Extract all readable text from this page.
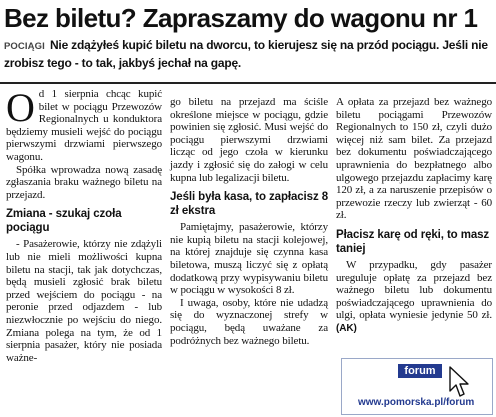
Bez biletu? Zapraszamy do wagonu nr 1

POCIĄGI Nie zdążyłeś kupić biletu na dworcu, to kierujesz się na przód pociągu. Jeśli nie zrobisz tego - to tak, jakbyś jechał na gapę.

Od 1 sierpnia chcąc kupić bilet w pociągu Przewozów Regionalnych u konduktora będziemy musieli wejść do pociągu pierwszymi drzwiami pierwszego wagonu.

Spółka wprowadza nową zasadę zgłaszania braku ważnego biletu na przejazd.

Zmiana - szukaj czoła pociągu

- Pasażerowie, którzy nie zdążyli lub nie mieli możliwości kupna biletu na stacji, tak jak dotychczas, będą musieli zgłosić brak biletu przed wejściem do pociągu - na peronie przed odjazdem - lub niezwłocznie po wejściu do niego. Zmiana polega na tym, że od 1 sierpnia pasażer, który nie posiada ważne-

go biletu na przejazd ma ściśle określone miejsce w pociągu, gdzie powinien się zgłosić. Musi wejść do pociągu pierwszymi drzwiami licząc od jego czoła w kierunku jazdy i zgłosić się do załogi w celu kupna lub legalizacji biletu.

Jeśli była kasa, to zapłacisz 8 zł ekstra

Pamiętajmy, pasażerowie, którzy nie kupią biletu na stacji kolejowej, na której znajduje się czynna kasa biletowa, muszą liczyć się z opłatą dodatkową przy wypisywaniu biletu w pociągu w wysokości 8 zł.

I uwaga, osoby, które nie udadzą się do wyznaczonej strefy w pociągu, będą uważane za podróżnych bez ważnego biletu.

A opłata za przejazd bez ważnego biletu pociągami Przewozów Regionalnych to 150 zł, czyli dużo więcej niż sam bilet. Za przejazd bez dokumentu poświadczającego uprawnienia do bezpłatnego albo ulgowego przejazdu zapłacimy karę 120 zł, a za naruszenie przepisów o przewozie rzeczy lub zwierząt - 60 zł.

Płacisz karę od ręki, to masz taniej

W przypadku, gdy pasażer ureguluje opłatę za przejazd bez ważnego biletu lub dokumentu poświadczającego uprawnienia do ulgi, opłata wyniesie jedynie 50 zł. (AK)

forum
www.pomorska.pl/forum
